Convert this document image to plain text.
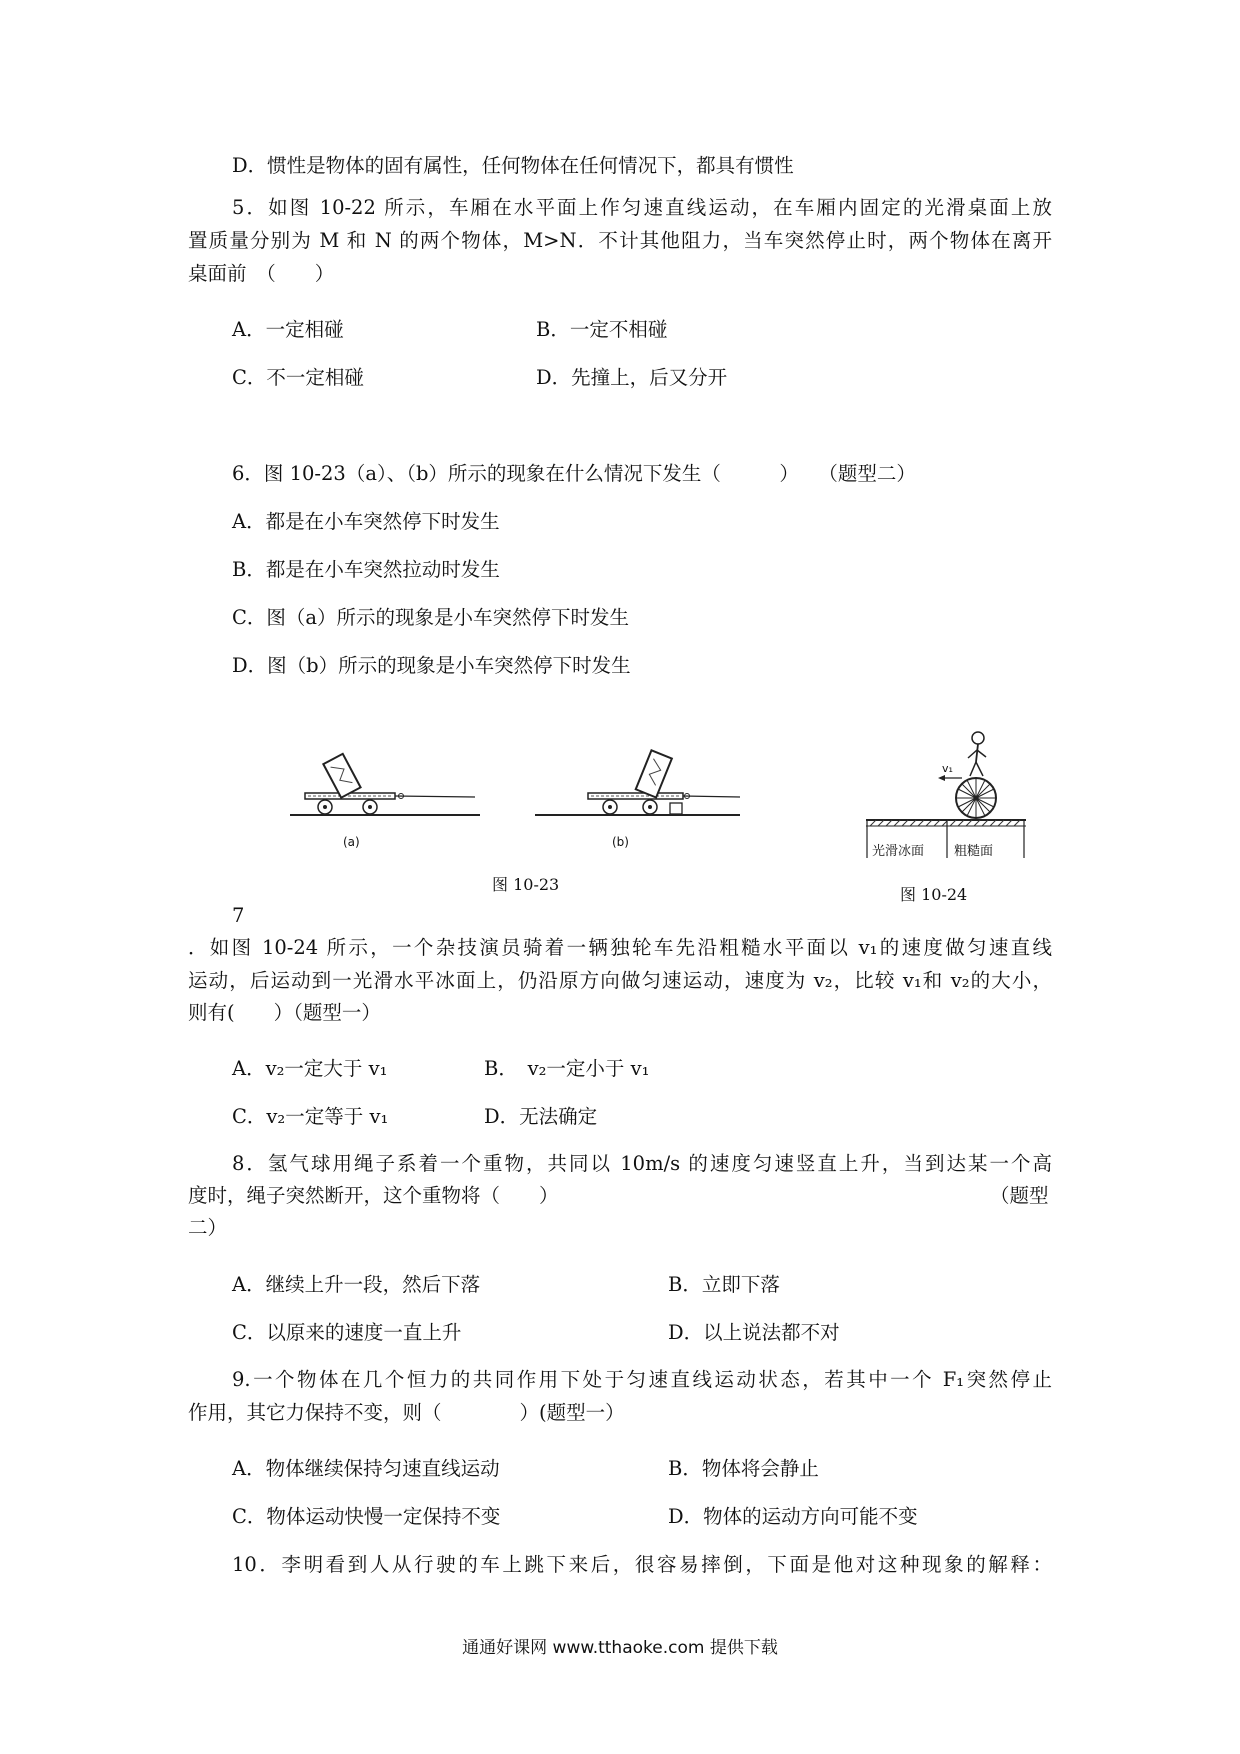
D．惯性是物体的固有属性，任何物体在任何情况下，都具有惯性
5．如图 10-22 所示，车厢在水平面上作匀速直线运动，在车厢内固定的光滑桌面上放
置质量分别为 M 和 N 的两个物体，M>N．不计其他阻力，当车突然停止时，两个物体在离开
桌面前　（　　）
A．一定相碰	B．一定不相碰
C．不一定相碰	D．先撞上，后又分开
6．图 10-23（a）、（b）所示的现象在什么情况下发生（　　　）　　（题型二）
A．都是在小车突然停下时发生
B．都是在小车突然拉动时发生
C．图（a）所示的现象是小车突然停下时发生
D．图（b）所示的现象是小车突然停下时发生
(a)	(b)
图 10-23
v₁
光滑冰面 粗糙面
图 10-24
7
．如图 10-24 所示，一个杂技演员骑着一辆独轮车先沿粗糙水平面以 v₁的速度做匀速直线
运动，后运动到一光滑水平冰面上，仍沿原方向做匀速运动，速度为 v₂，比较 v₁和 v₂的大小，
则有(　　）（题型一）
A．v₂一定大于 v₁	B．　v₂一定小于 v₁
C．v₂一定等于 v₁	D．无法确定
8．氢气球用绳子系着一个重物，共同以 10m/s 的速度匀速竖直上升，当到达某一个高
度时，绳子突然断开，这个重物将（　　）	（题型
二）
A．继续上升一段，然后下落	B．立即下落
C．以原来的速度一直上升	D．以上说法都不对
9.一个物体在几个恒力的共同作用下处于匀速直线运动状态，若其中一个 F₁突然停止
作用，其它力保持不变，则（　　　　）(题型一）
A．物体继续保持匀速直线运动	B．物体将会静止
C．物体运动快慢一定保持不变	D．物体的运动方向可能不变
10．李明看到人从行驶的车上跳下来后，很容易摔倒，下面是他对这种现象的解释：
通通好课网 www.tthaoke.com 提供下载
